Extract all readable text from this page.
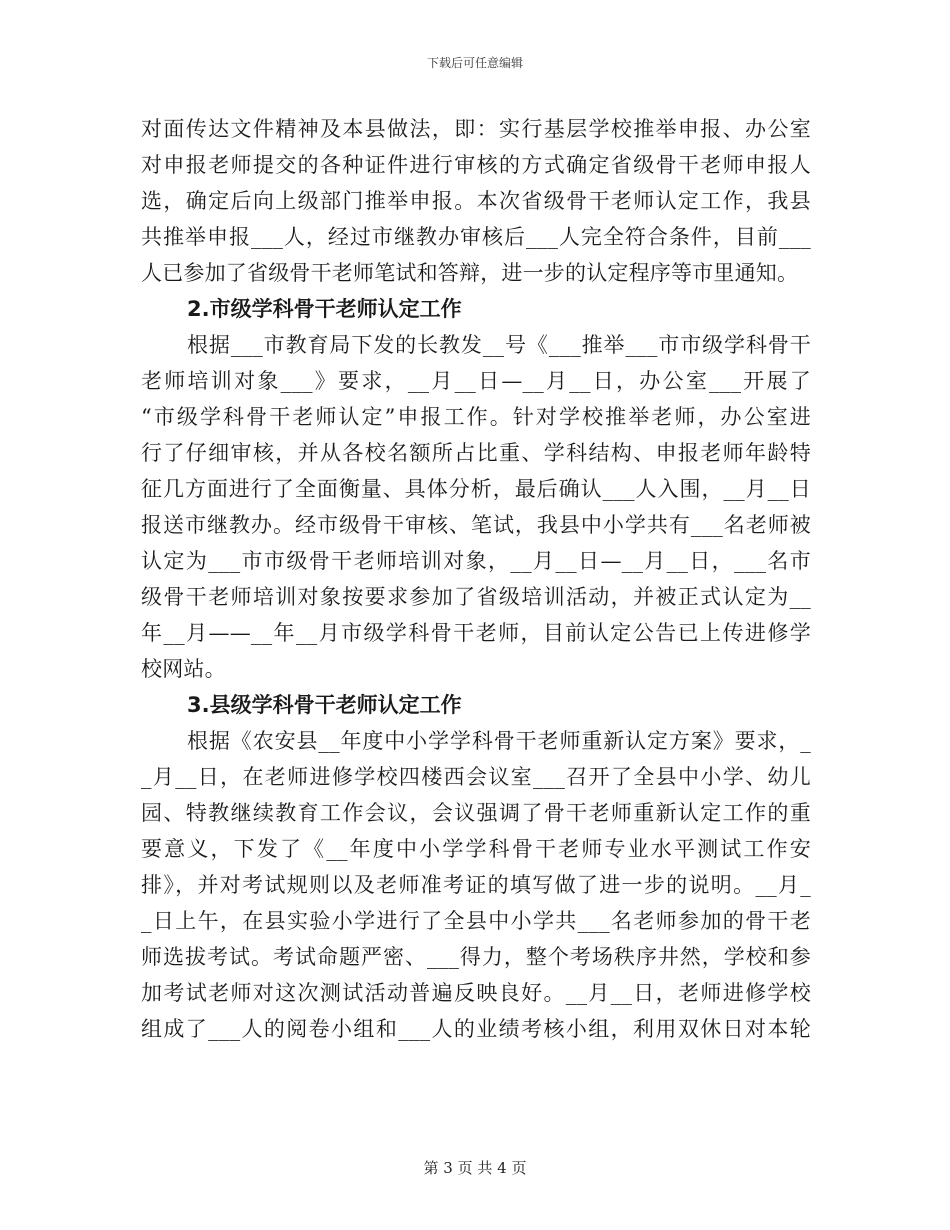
下载后可任意编辑
对面传达文件精神及本县做法，即：实行基层学校推举申报、办公室
对申报老师提交的各种证件进行审核的方式确定省级骨干老师申报人
选，确定后向上级部门推举申报。本次省级骨干老师认定工作，我县
共推举申报___人，经过市继教办审核后___人完全符合条件，目前___
人已参加了省级骨干老师笔试和答辩，进一步的认定程序等市里通知。
2.市级学科骨干老师认定工作
根据___市教育局下发的长教发__号《___推举___市市级学科骨干
老师培训对象___》要求，__月__日—__月__日，办公室___开展了
“市级学科骨干老师认定”申报工作。针对学校推举老师，办公室进
行了仔细审核，并从各校名额所占比重、学科结构、申报老师年龄特
征几方面进行了全面衡量、具体分析，最后确认___人入围，__月__日
报送市继教办。经市级骨干审核、笔试，我县中小学共有___名老师被
认定为___市市级骨干老师培训对象，__月__日—__月__日，___名市
级骨干老师培训对象按要求参加了省级培训活动，并被正式认定为__
年__月——__年__月市级学科骨干老师，目前认定公告已上传进修学
校网站。
3.县级学科骨干老师认定工作
根据《农安县__年度中小学学科骨干老师重新认定方案》要求，_
_月__日，在老师进修学校四楼西会议室___召开了全县中小学、幼儿
园、特教继续教育工作会议，会议强调了骨干老师重新认定工作的重
要意义，下发了《__年度中小学学科骨干老师专业水平测试工作安
排》，并对考试规则以及老师准考证的填写做了进一步的说明。__月_
_日上午，在县实验小学进行了全县中小学共___名老师参加的骨干老
师选拔考试。考试命题严密、___得力，整个考场秩序井然，学校和参
加考试老师对这次测试活动普遍反映良好。__月__日，老师进修学校
组成了___人的阅卷小组和___人的业绩考核小组，利用双休日对本轮
第 3 页 共 4 页
